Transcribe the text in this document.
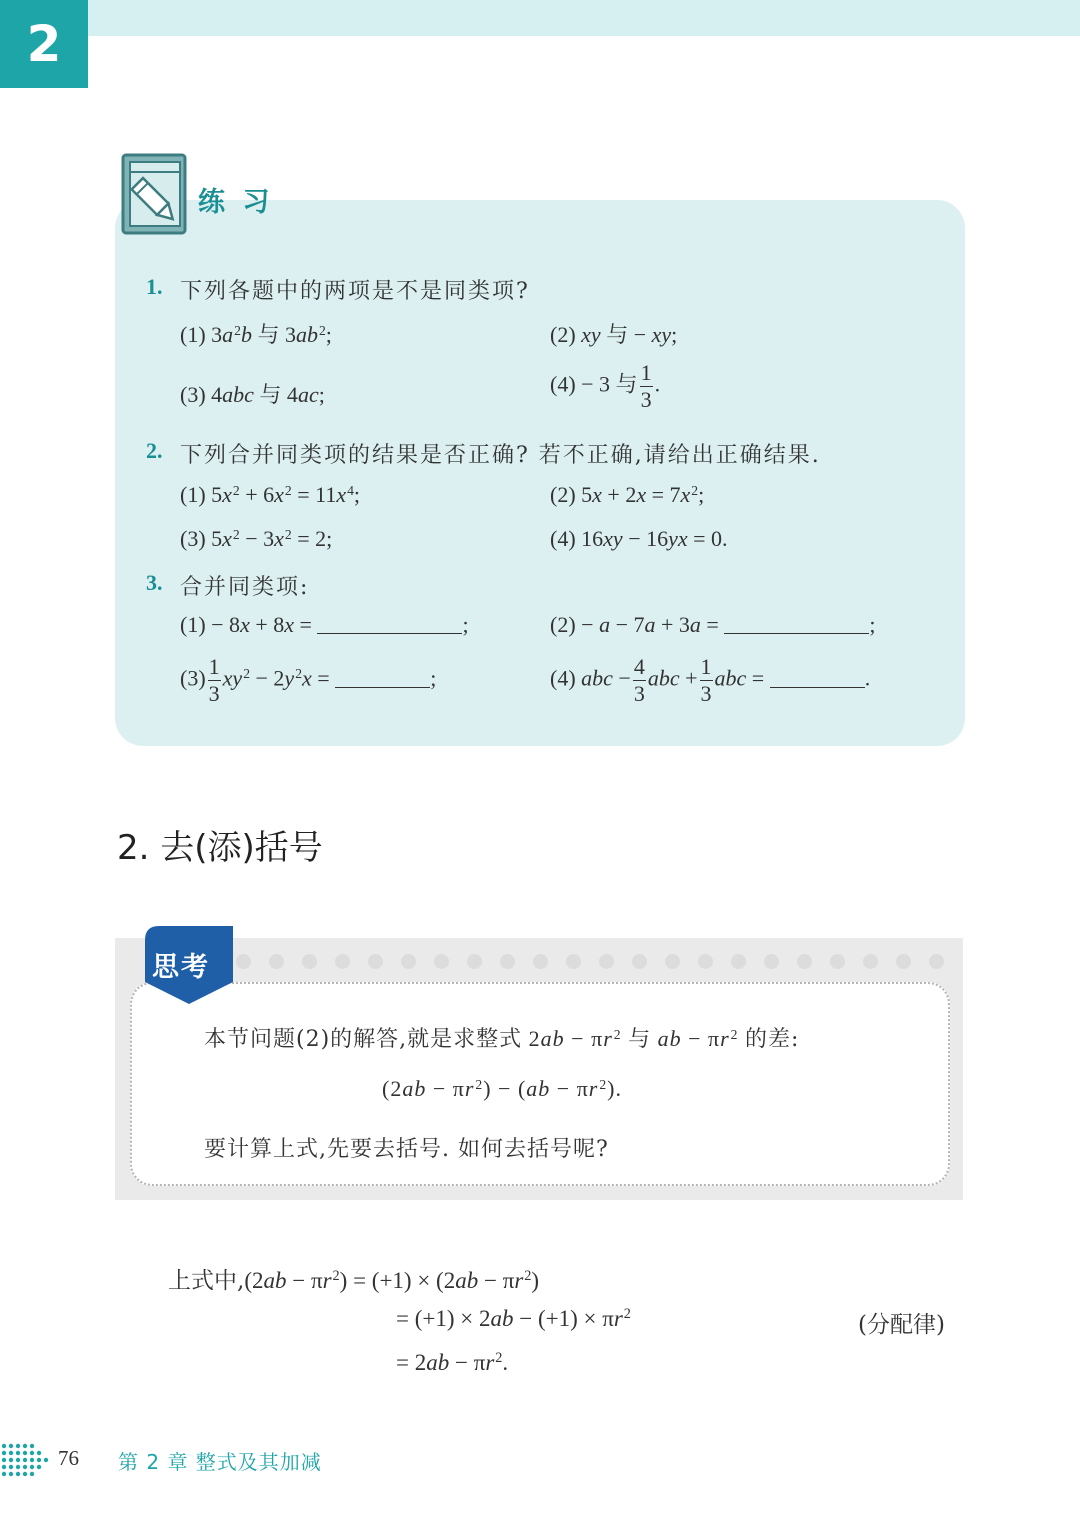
2
练 习
1. 下列各题中的两项是不是同类项?
(1) $3a^2b$ 与 $3ab^2$;	(2) xy 与 − xy;
(3) 4abc 与 4ac;	(4) − 3 与 $\frac{1}{3}$ .
2. 下列合并同类项的结果是否正确? 若不正确,请给出正确结果.
(1) $5x^2 + 6x^2 = 11x^4$;	(2) $5x + 2x = 7x^2$;
(3) $5x^2 - 3x^2 = 2$;	(4) 16xy − 16yx = 0.
3. 合并同类项:
(1) − 8x + 8x =	;	(2) − a − 7a + 3a =	;
$(3) \frac{1}{3} xy^2 - 2y^2x$ =	;	(4) abc − $\frac{4}{3}$ abc + $\frac{1}{3}$ abc =	.
2. 去(添)括号
思考
本节问题(2)的解答,就是求整式 $2ab - \pi r^2$ 与 ab − $\pi r^2$ 的差:
$(2ab - \pi r^2) - (ab - \pi r^2)$.
要计算上式,先要去括号. 如何去括号呢?
上式中$,(2ab - \pi r^2) = (+1) \times (2ab - \pi r^2)$
= $(+1) \times 2ab - (+1) \times \pi r^2$	(分配律)
= $2ab - \pi r^2$.
76 第 2 章 整式及其加减
